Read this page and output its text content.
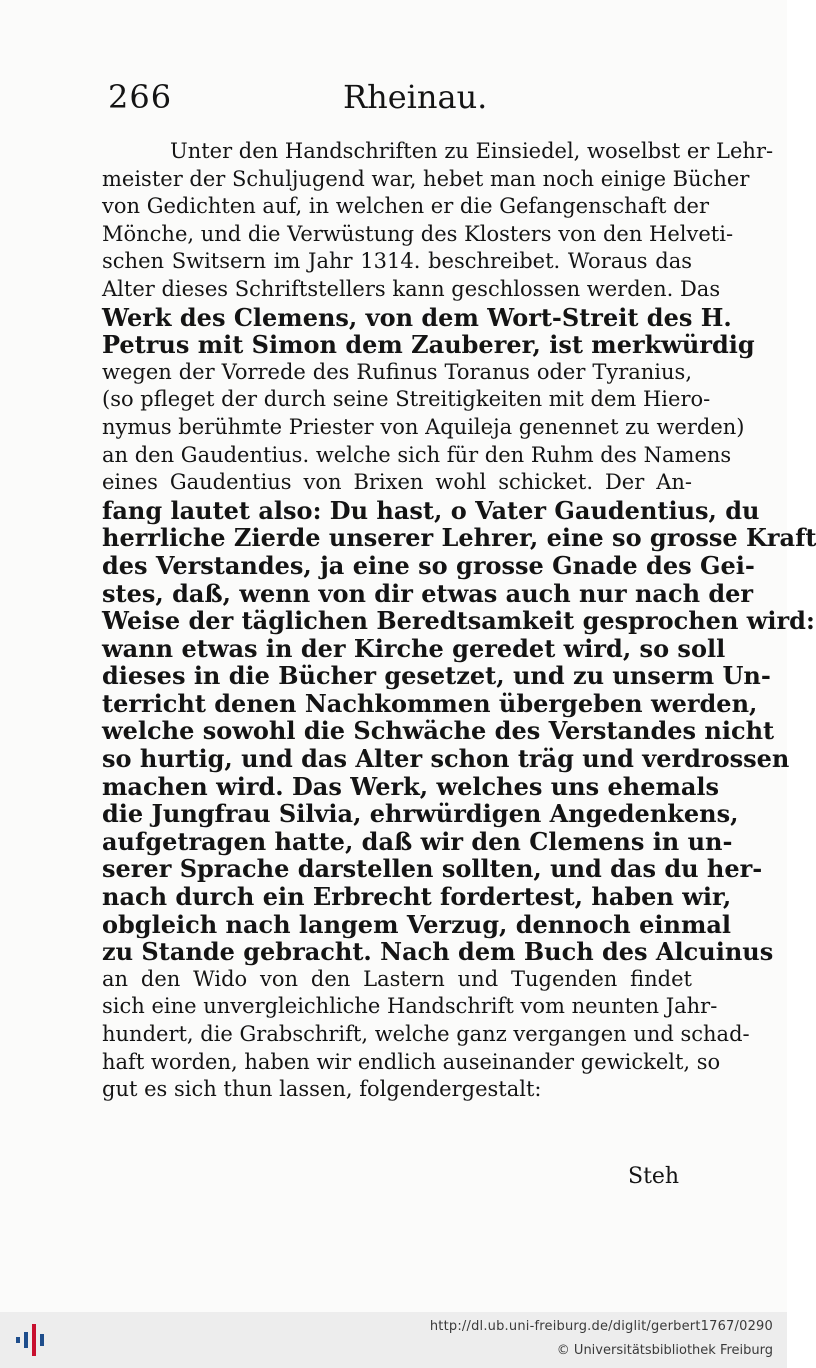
266	Rheinau.
Unter den Handschriften zu Einsiedel, woselbst er Lehr-
meister der Schuljugend war, hebet man noch einige Bücher
von Gedichten auf, in welchen er die Gefangenschaft der
Mönche, und die Verwüstung des Klosters von den Helveti-
schen Switsern im Jahr 1314. beschreibet. Woraus das
Alter dieses Schriftstellers kann geschlossen werden. Das
Werk des Clemens, von dem Wort-Streit des H.
Petrus mit Simon dem Zauberer, ist merkwürdig
wegen der Vorrede des Rufinus Toranus oder Tyranius,
(so pfleget der durch seine Streitigkeiten mit dem Hiero-
nymus berühmte Priester von Aquileja genennet zu werden)
an den Gaudentius. welche sich für den Ruhm des Namens
eines Gaudentius von Brixen wohl schicket. Der An-
fang lautet also: Du hast, o Vater Gaudentius, du
herrliche Zierde unserer Lehrer, eine so grosse Kraft
des Verstandes, ja eine so grosse Gnade des Gei-
stes, daß, wenn von dir etwas auch nur nach der
Weise der täglichen Beredtsamkeit gesprochen wird:
wann etwas in der Kirche geredet wird, so soll
dieses in die Bücher gesetzet, und zu unserm Un-
terricht denen Nachkommen übergeben werden,
welche sowohl die Schwäche des Verstandes nicht
so hurtig, und das Alter schon träg und verdrossen
machen wird. Das Werk, welches uns ehemals
die Jungfrau Silvia, ehrwürdigen Angedenkens,
aufgetragen hatte, daß wir den Clemens in un-
serer Sprache darstellen sollten, und das du her-
nach durch ein Erbrecht fordertest, haben wir,
obgleich nach langem Verzug, dennoch einmal
zu Stande gebracht. Nach dem Buch des Alcuinus
an den Wido von den Lastern und Tugenden findet
sich eine unvergleichliche Handschrift vom neunten Jahr-
hundert, die Grabschrift, welche ganz vergangen und schad-
haft worden, haben wir endlich auseinander gewickelt, so
gut es sich thun lassen, folgendergestalt:
Steh
http://dl.ub.uni-freiburg.de/diglit/gerbert1767/0290
© Universitätsbibliothek Freiburg
